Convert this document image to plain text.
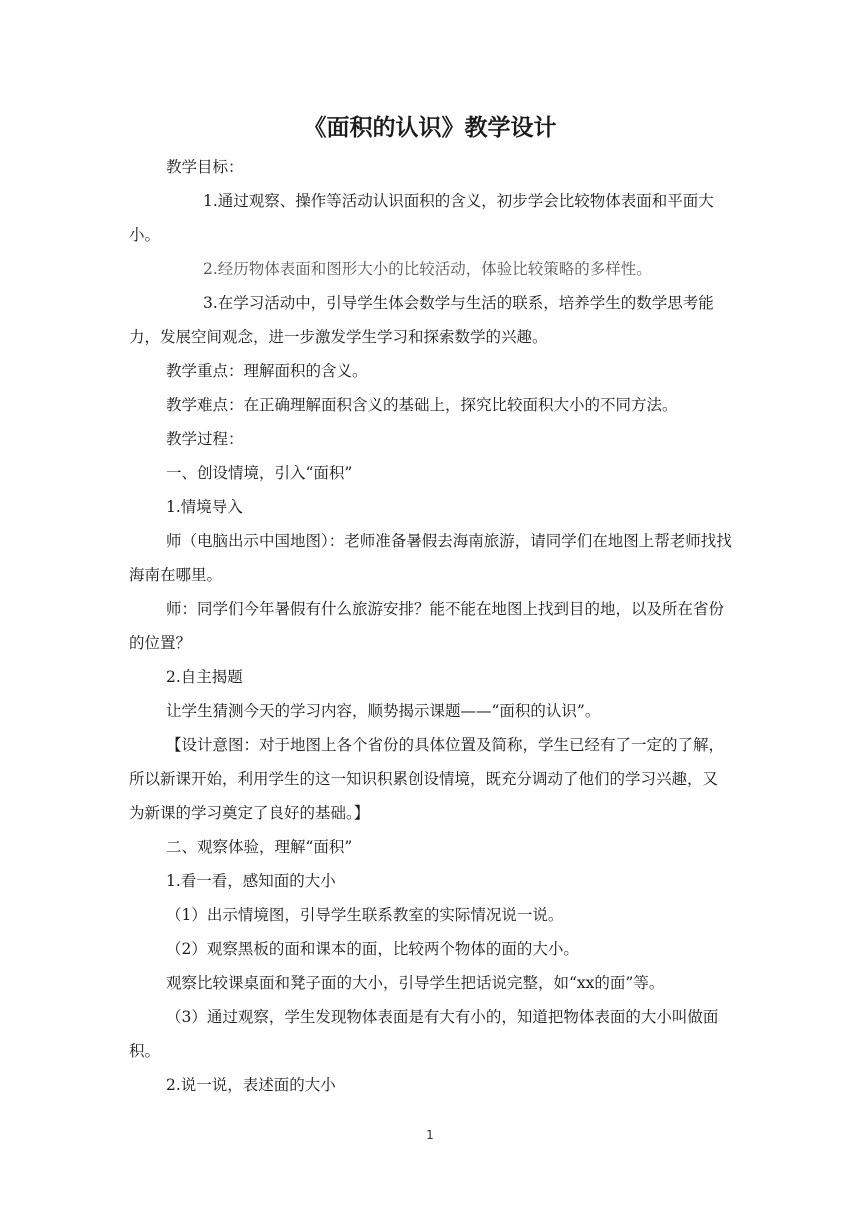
《面积的认识》教学设计

教学目标：

1.通过观察、操作等活动认识面积的含义，初步学会比较物体表面和平面大小。

2.经历物体表面和图形大小的比较活动，体验比较策略的多样性。

3.在学习活动中，引导学生体会数学与生活的联系，培养学生的数学思考能力，发展空间观念，进一步激发学生学习和探索数学的兴趣。

教学重点：理解面积的含义。

教学难点：在正确理解面积含义的基础上，探究比较面积大小的不同方法。

教学过程：

一、创设情境，引入“面积”

1.情境导入

师（电脑出示中国地图）：老师准备暑假去海南旅游，请同学们在地图上帮老师找找海南在哪里。

师：同学们今年暑假有什么旅游安排？能不能在地图上找到目的地，以及所在省份的位置？

2.自主揭题

让学生猜测今天的学习内容，顺势揭示课题——“面积的认识”。

【设计意图：对于地图上各个省份的具体位置及简称，学生已经有了一定的了解，所以新课开始，利用学生的这一知识积累创设情境，既充分调动了他们的学习兴趣，又为新课的学习奠定了良好的基础。】

二、观察体验，理解“面积”

1.看一看，感知面的大小

（1）出示情境图，引导学生联系教室的实际情况说一说。

（2）观察黑板的面和课本的面，比较两个物体的面的大小。

观察比较课桌面和凳子面的大小，引导学生把话说完整，如“xx的面”等。

（3）通过观察，学生发现物体表面是有大有小的，知道把物体表面的大小叫做面积。

2.说一说，表述面的大小

1
